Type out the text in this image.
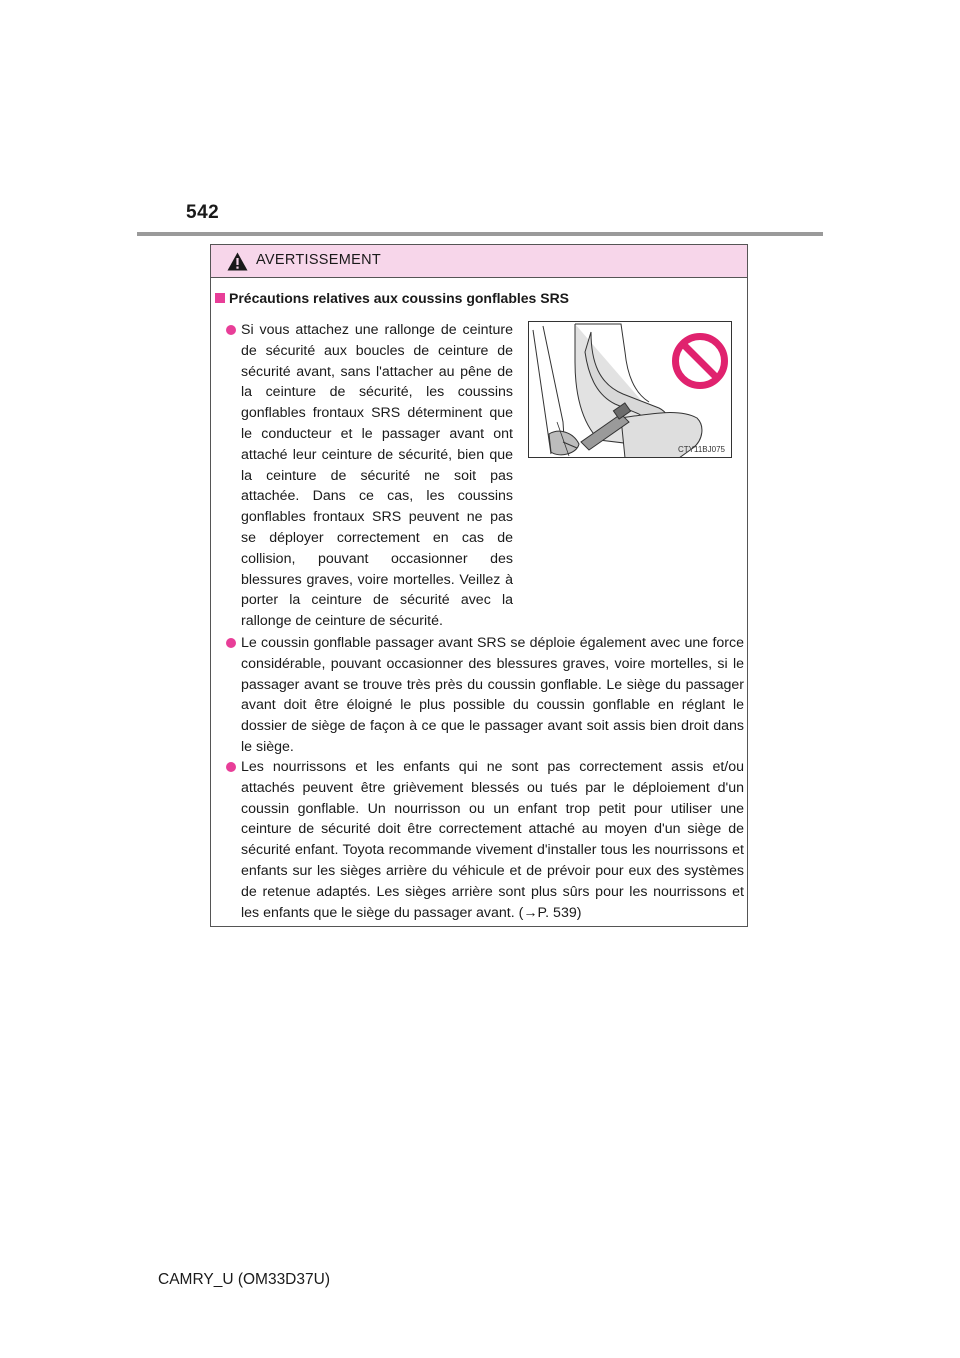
542
AVERTISSEMENT
Précautions relatives aux coussins gonflables SRS
Si vous attachez une rallonge de ceinture de sécurité aux boucles de ceinture de sécurité avant, sans l'attacher au pêne de la ceinture de sécurité, les coussins gonflables frontaux SRS déterminent que le conducteur et le passager avant ont attaché leur ceinture de sécurité, bien que la ceinture de sécurité ne soit pas attachée. Dans ce cas, les coussins gonflables frontaux SRS peuvent ne pas se déployer correctement en cas de collision, pouvant occasionner des blessures graves, voire mortelles. Veillez à porter la ceinture de sécurité avec la rallonge de ceinture de sécurité.
CTY11BJ075
Le coussin gonflable passager avant SRS se déploie également avec une force considérable, pouvant occasionner des blessures graves, voire mortelles, si le passager avant se trouve très près du coussin gonflable. Le siège du passager avant doit être éloigné le plus possible du coussin gonflable en réglant le dossier de siège de façon à ce que le passager avant soit assis bien droit dans le siège.
Les nourrissons et les enfants qui ne sont pas correctement assis et/ou attachés peuvent être grièvement blessés ou tués par le déploiement d'un coussin gonflable. Un nourrisson ou un enfant trop petit pour utiliser une ceinture de sécurité doit être correctement attaché au moyen d'un siège de sécurité enfant. Toyota recommande vivement d'installer tous les nourrissons et enfants sur les sièges arrière du véhicule et de prévoir pour eux des systèmes de retenue adaptés. Les sièges arrière sont plus sûrs pour les nourrissons et les enfants que le siège du passager avant. (→P. 539)
CAMRY_U (OM33D37U)
